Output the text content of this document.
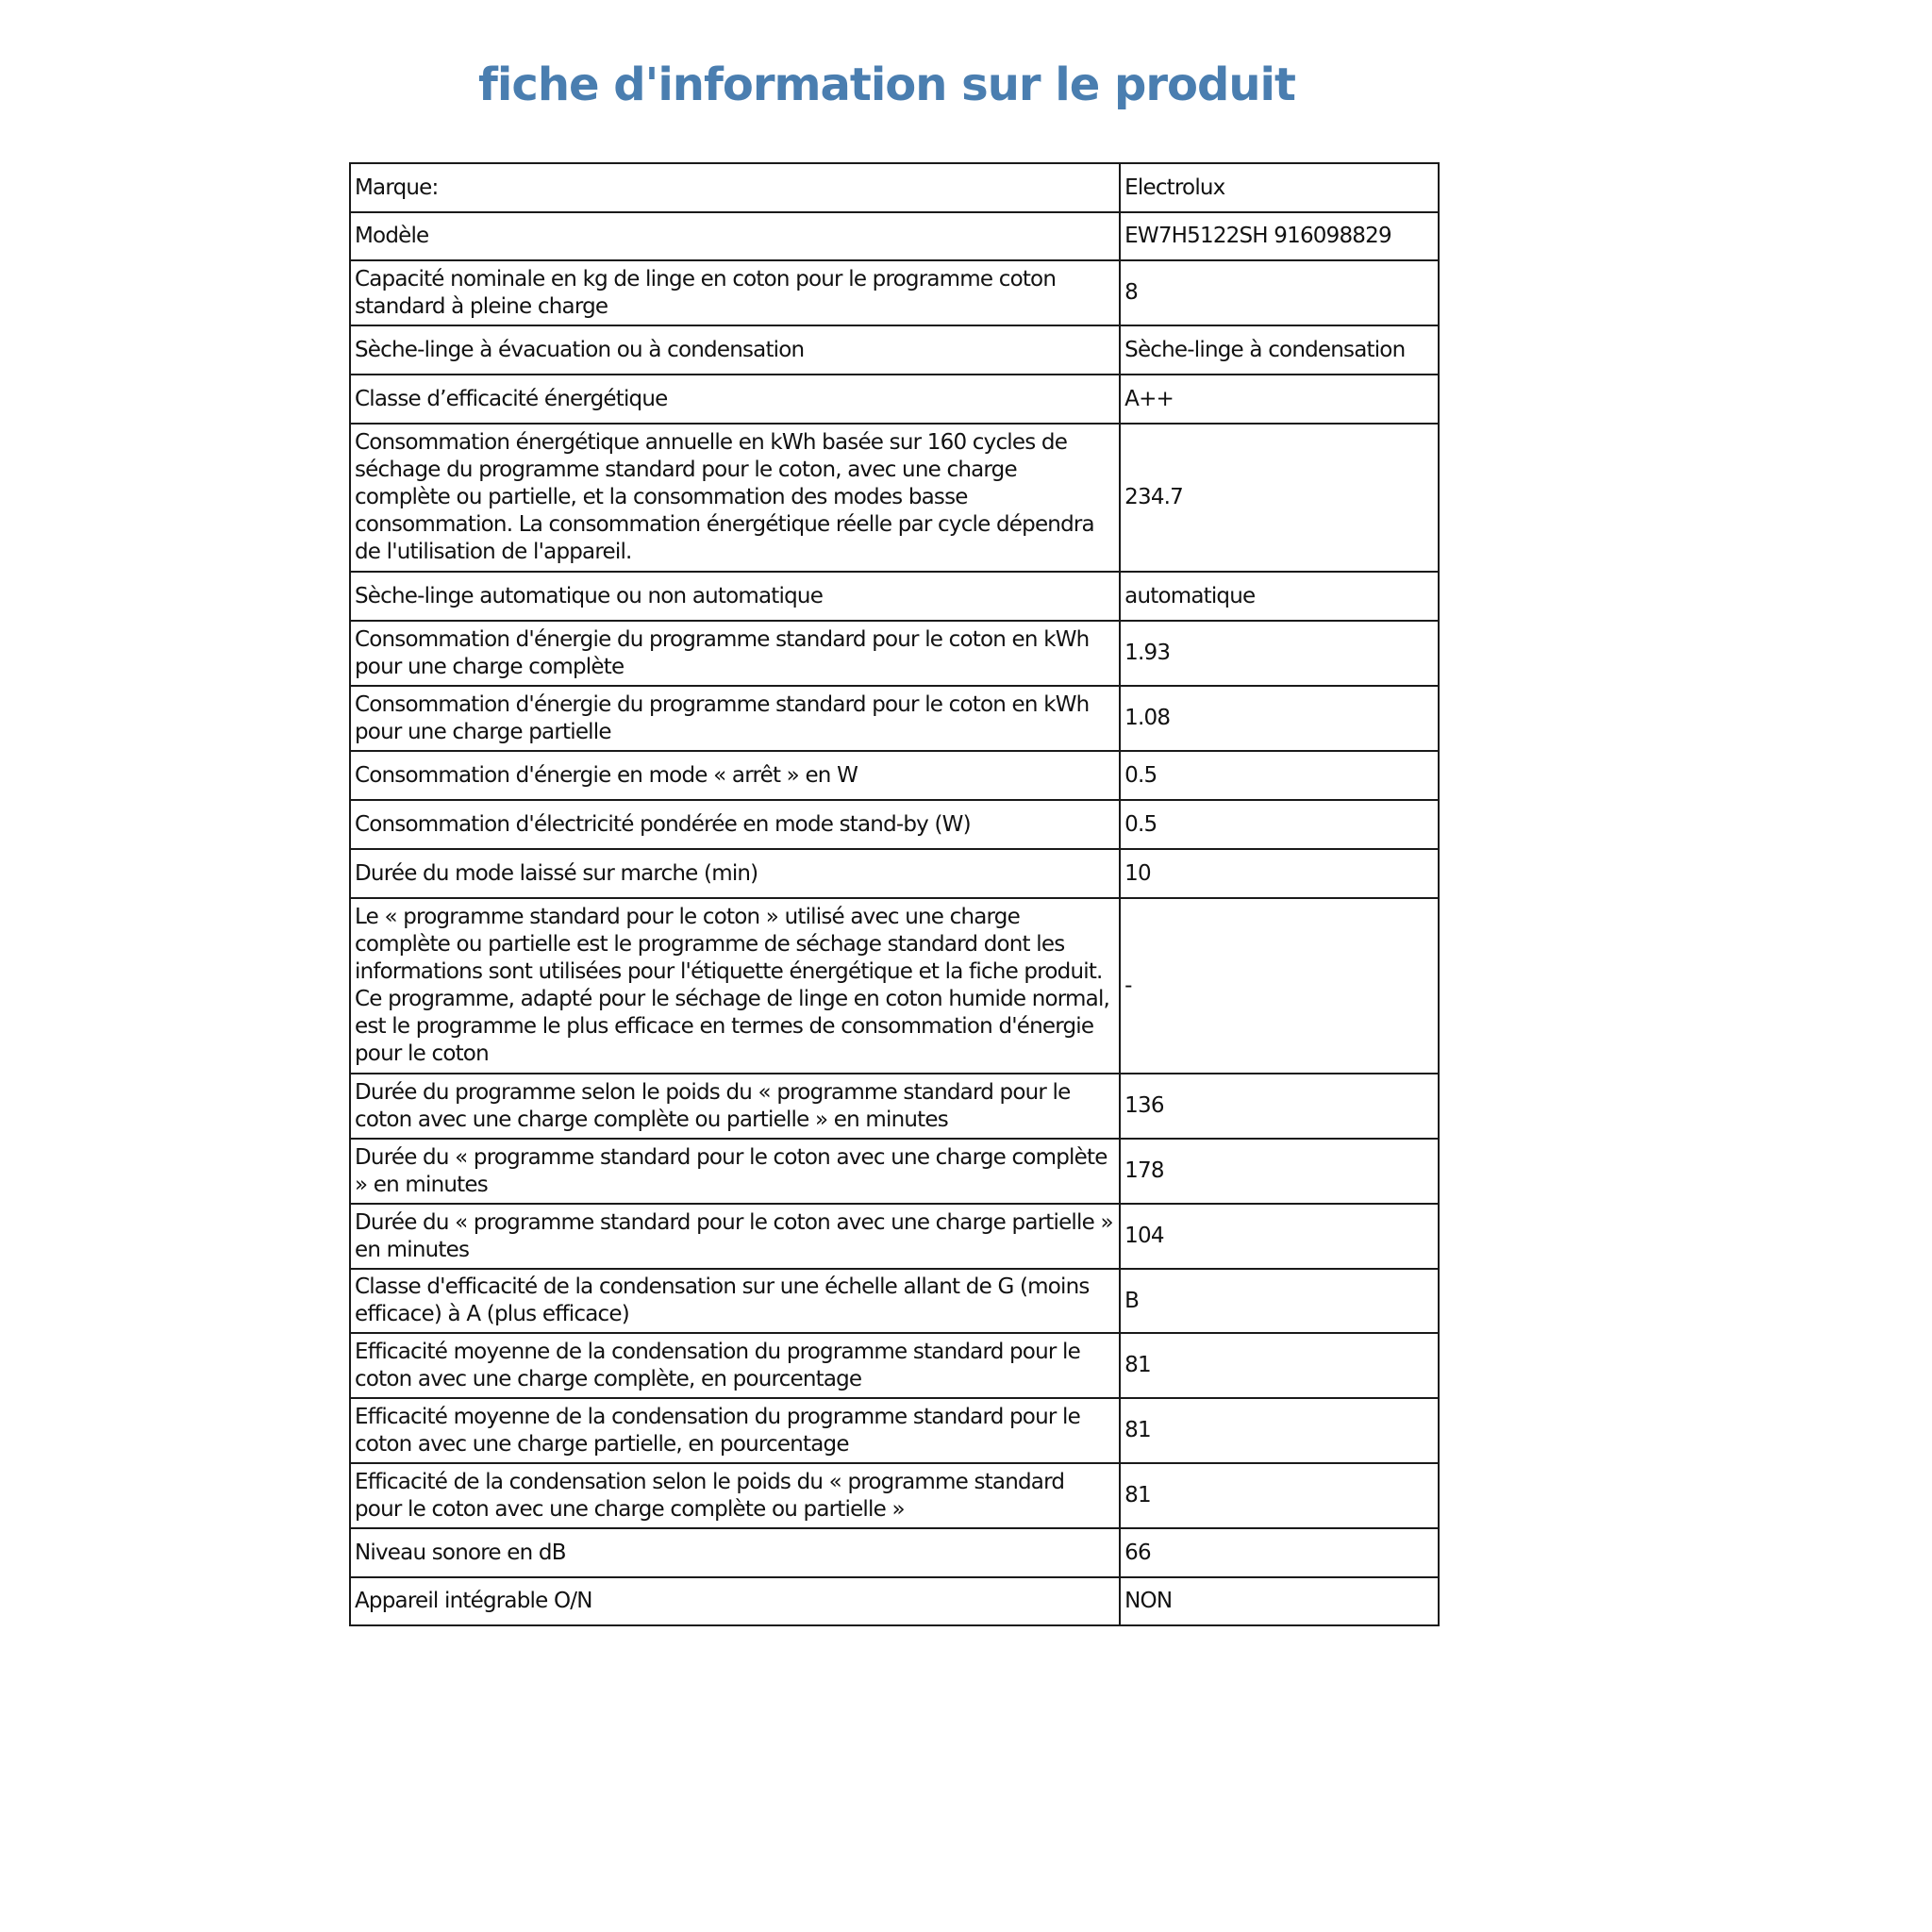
fiche d'information sur le produit
Marque:	Electrolux
Modèle	EW7H5122SH 916098829
Capacité nominale en kg de linge en coton pour le programme coton standard à pleine charge	8
Sèche-linge à évacuation ou à condensation	Sèche-linge à condensation
Classe d’efficacité énergétique	A++
Consommation énergétique annuelle en kWh basée sur 160 cycles de séchage du programme standard pour le coton, avec une charge complète ou partielle, et la consommation des modes basse consommation. La consommation énergétique réelle par cycle dépendra de l'utilisation de l'appareil.	234.7
Sèche-linge automatique ou non automatique	automatique
Consommation d'énergie du programme standard pour le coton en kWh pour une charge complète	1.93
Consommation d'énergie du programme standard pour le coton en kWh pour une charge partielle	1.08
Consommation d'énergie en mode « arrêt » en W	0.5
Consommation d'électricité pondérée en mode stand-by (W)	0.5
Durée du mode laissé sur marche (min)	10
Le « programme standard pour le coton » utilisé avec une charge complète ou partielle est le programme de séchage standard dont les informations sont utilisées pour l'étiquette énergétique et la fiche produit. Ce programme, adapté pour le séchage de linge en coton humide normal, est le programme le plus efficace en termes de consommation d'énergie pour le coton	-
Durée du programme selon le poids du « programme standard pour le coton avec une charge complète ou partielle » en minutes	136
Durée du « programme standard pour le coton avec une charge complète » en minutes	178
Durée du « programme standard pour le coton avec une charge partielle » en minutes	104
Classe d'efficacité de la condensation sur une échelle allant de G (moins efficace) à A (plus efficace)	B
Efficacité moyenne de la condensation du programme standard pour le coton avec une charge complète, en pourcentage	81
Efficacité moyenne de la condensation du programme standard pour le coton avec une charge partielle, en pourcentage	81
Efficacité de la condensation selon le poids du « programme standard pour le coton avec une charge complète ou partielle »	81
Niveau sonore en dB	66
Appareil intégrable O/N	NON
